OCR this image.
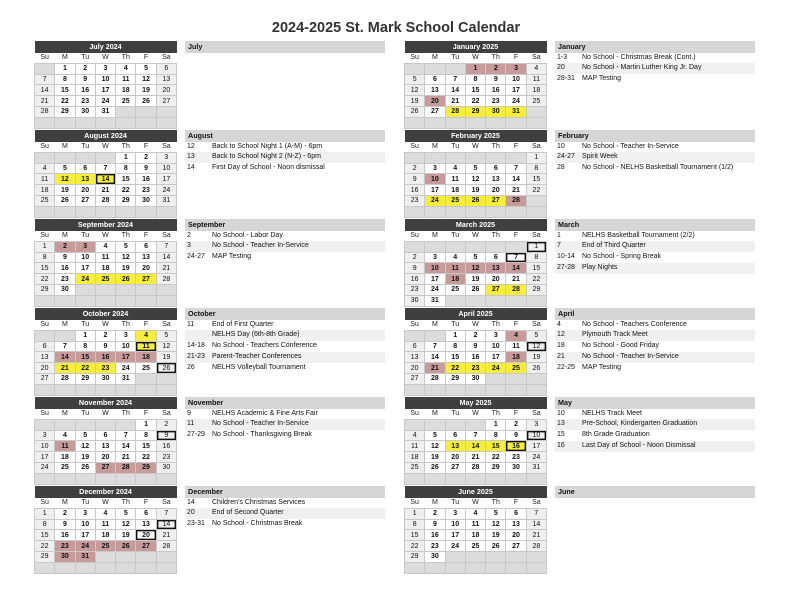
2024-2025 St. Mark School Calendar
July 2024						
Su	M	Tu	W	Th	F	Sa
	1	2	3	4	5	6
7	8	9	10	11	12	13
14	15	16	17	18	19	20
21	22	23	24	25	26	27
28	29	30	31			

July	January 2025						
Su	M	Tu	W	Th	F	Sa
			1	2	3	4
5	6	7	8	9	10	11
12	13	14	15	16	17	18
19	20	21	22	23	24	25
26	27	28	29	30	31	

January
1-3 No School - Christmas Break (Cont.)
20 No School - Martin Luther King Jr. Day
28-31 MAP Testing
August 2024						
Su	M	Tu	W	Th	F	Sa
				1	2	3
4	5	6	7	8	9	10
11	12	13	14	15	16	17
18	19	20	21	22	23	24
25	26	27	28	29	30	31

August
12 Back to School Night 1 (A-M) - 6pm
13 Back to School Night 2 (N-Z) - 6pm
14 First Day of School - Noon dismissal
February 2025						
Su	M	Tu	W	Th	F	Sa
						1
2	3	4	5	6	7	8
9	10	11	12	13	14	15
16	17	18	19	20	21	22
23	24	25	26	27	28	

February
10 No School - Teacher In-Service
24-27 Spirit Week
28 No School - NELHS Basketball Tournament (1/2)
September 2024						
Su	M	Tu	W	Th	F	Sa
1	2	3	4	5	6	7
8	9	10	11	12	13	14
15	16	17	18	19	20	21
22	23	24	25	26	27	28
29	30					

September
2	No School - Labor Day
3	No School - Teacher In-Service
24-27 MAP Testing
March 2025						
Su	M	Tu	W	Th	F	Sa
						1
2	3	4	5	6	7	8
9	10	11	12	13	14	15
16	17	18	19	20	21	22
23	24	25	26	27	28	29
30	31					
March
1	NELHS Basketball Tournament (2/2)
7	End of Third Quarter
10-14 No School - Spring Break
27-28 Play Nights
October 2024						
Su	M	Tu	W	Th	F	Sa
		1	2	3	4	5
6	7	8	9	10	11	12
13	14	15	16	17	18	19
20	21	22	23	24	25	26
27	28	29	30	31		

October
11	End of First Quarter
NELHS Day (6th-8th Grade)
14-18 No School - Teachers Conference
21-23 Parent-Teacher Conferences
26 NELHS Volleyball Tournament
April 2025						
Su	M	Tu	W	Th	F	Sa
		1	2	3	4	5
6	7	8	9	10	11	12
13	14	15	16	17	18	19
20	21	22	23	24	25	26
27	28	29	30			

April
4	No School - Teachers Conference
12 Plymouth Track Meet
18 No School - Good Friday
21 No School - Teacher In-Service
22-25 MAP Testing
November 2024						
Su	M	Tu	W	Th	F	Sa
					1	2
3	4	5	6	7	8	9
10	11	12	13	14	15	16
17	18	19	20	21	22	23
24	25	26	27	28	29	30

November
9	NELHS Academic & Fine Arts Fair
11	No School - Teacher In-Service
27-29 No School - Thanksgiving Break
May 2025						
Su	M	Tu	W	Th	F	Sa
				1	2	3
4	5	6	7	8	9	10
11	12	13	14	15	16	17
18	19	20	21	22	23	24
25	26	27	28	29	30	31

May
10 NELHS Track Meet
13 Pre-School, Kindergarten Graduation
15 8th Grade Graduation
16 Last Day of School - Noon Dismissal
December 2024						
Su	M	Tu	W	Th	F	Sa
1	2	3	4	5	6	7
8	9	10	11	12	13	14
15	16	17	18	19	20	21
22	23	24	25	26	27	28
29	30	31				

December
14 Children's Christmas Services
20 End of Second Quarter
23-31 No School - Christmas Break
June 2025						
Su	M	Tu	W	Th	F	Sa
1	2	3	4	5	6	7
8	9	10	11	12	13	14
15	16	17	18	19	20	21
22	23	24	25	26	27	28
29	30					

June
